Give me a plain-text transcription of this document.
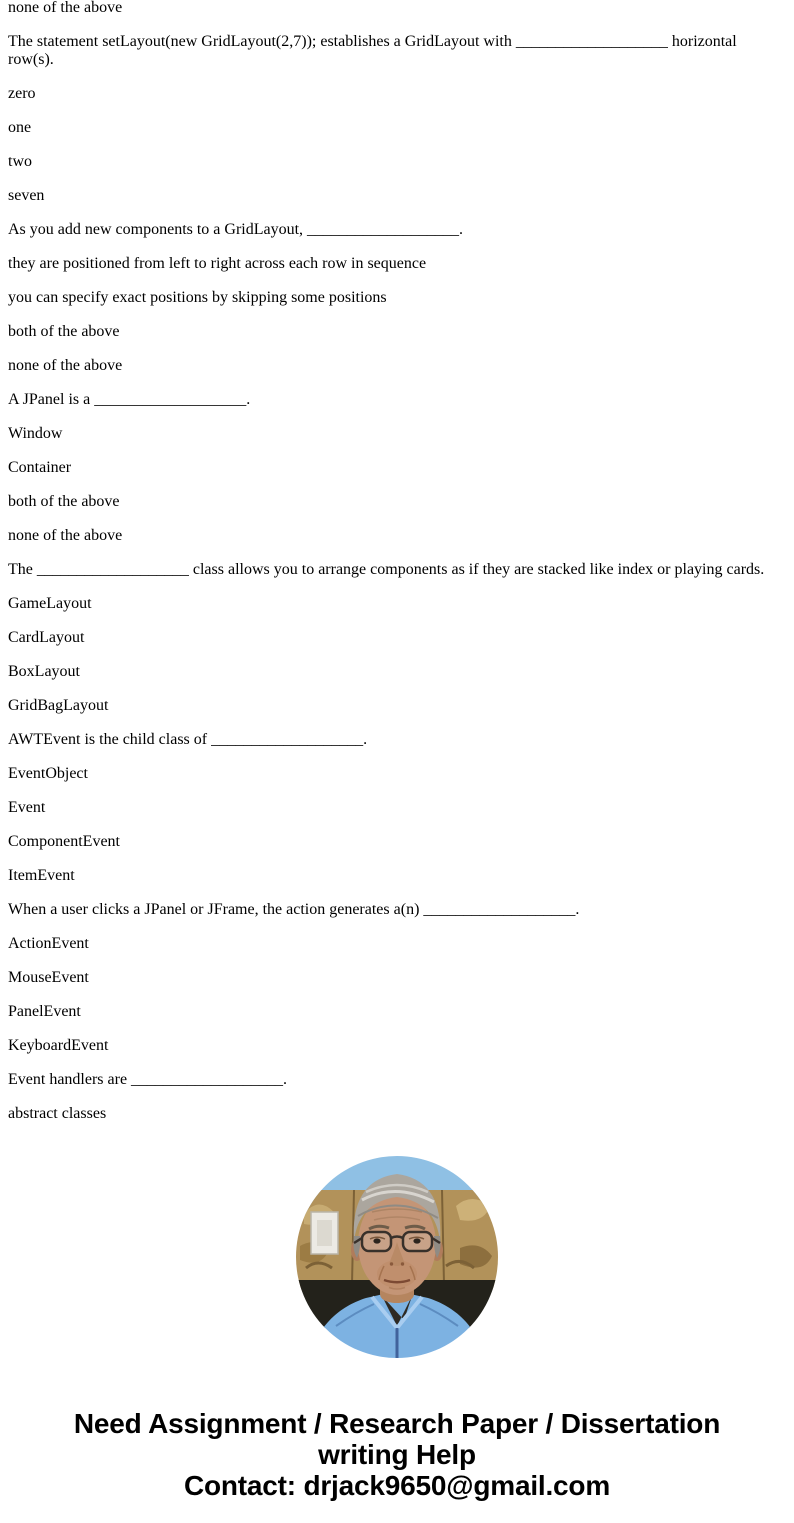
none of the above

The statement setLayout(new GridLayout(2,7)); establishes a GridLayout with ___________________ horizontal row(s).

zero

one

two

seven

As you add new components to a GridLayout, ___________________.

they are positioned from left to right across each row in sequence

you can specify exact positions by skipping some positions

both of the above

none of the above

A JPanel is a ___________________.

Window

Container

both of the above

none of the above

The ___________________ class allows you to arrange components as if they are stacked like index or playing cards.

GameLayout

CardLayout

BoxLayout

GridBagLayout

AWTEvent is the child class of ___________________.

EventObject

Event

ComponentEvent

ItemEvent

When a user clicks a JPanel or JFrame, the action generates a(n) ___________________.

ActionEvent

MouseEvent

PanelEvent

KeyboardEvent

Event handlers are ___________________.

abstract classes

Need Assignment / Research Paper / Dissertation
writing Help
Contact: drjack9650@gmail.com
